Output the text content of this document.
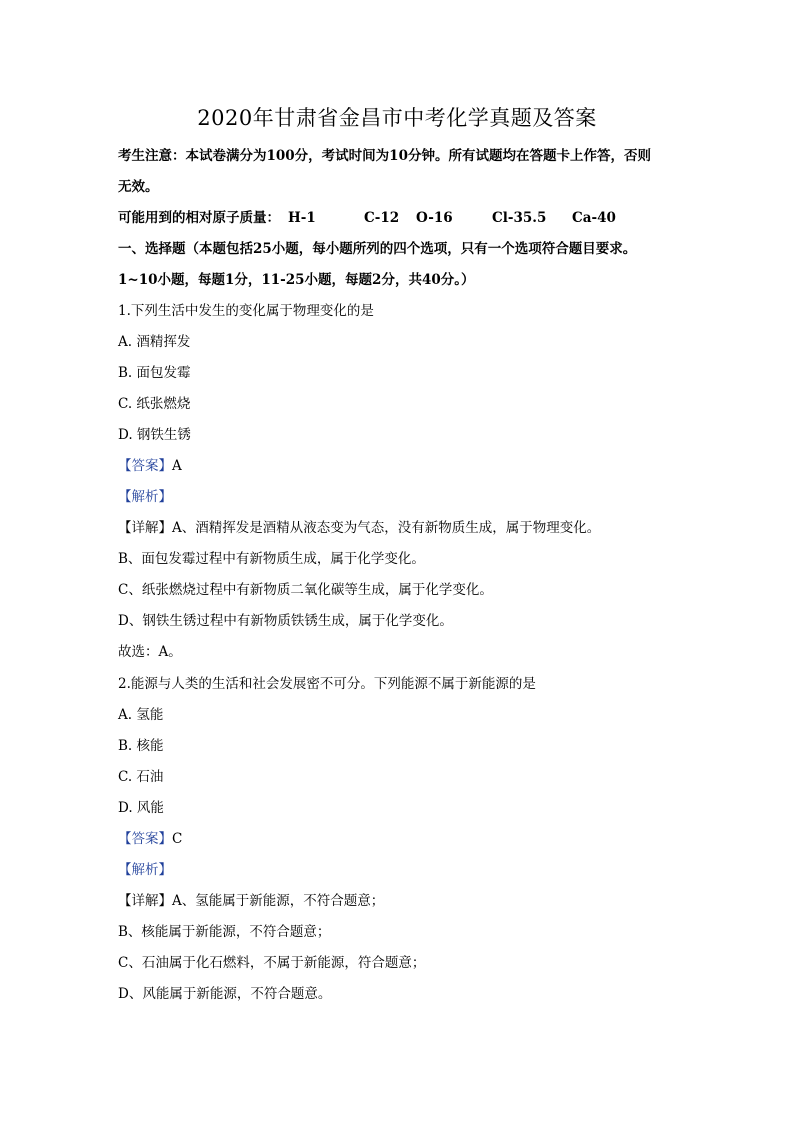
2020年甘肃省金昌市中考化学真题及答案
考生注意：本试卷满分为100分，考试时间为10分钟。所有试题均在答题卡上作答，否则
无效。
可能用到的相对原子质量： H-1	C-12 O-16	Cl-35.5 Ca-40
一、选择题（本题包括25小题，每小题所列的四个选项，只有一个选项符合题目要求。
1~10小题，每题1分，11-25小题，每题2分，共40分。）
1.下列生活中发生的变化属于物理变化的是
A. 酒精挥发
B. 面包发霉
C. 纸张燃烧
D. 钢铁生锈
【答案】A
【解析】
【详解】A、酒精挥发是酒精从液态变为气态，没有新物质生成，属于物理变化。
B、面包发霉过程中有新物质生成，属于化学变化。
C、纸张燃烧过程中有新物质二氧化碳等生成，属于化学变化。
D、钢铁生锈过程中有新物质铁锈生成，属于化学变化。
故选：A。
2.能源与人类的生活和社会发展密不可分。下列能源不属于新能源的是
A. 氢能
B. 核能
C. 石油
D. 风能
【答案】C
【解析】
【详解】A、氢能属于新能源，不符合题意；
B、核能属于新能源，不符合题意；
C、石油属于化石燃料，不属于新能源，符合题意；
D、风能属于新能源，不符合题意。
